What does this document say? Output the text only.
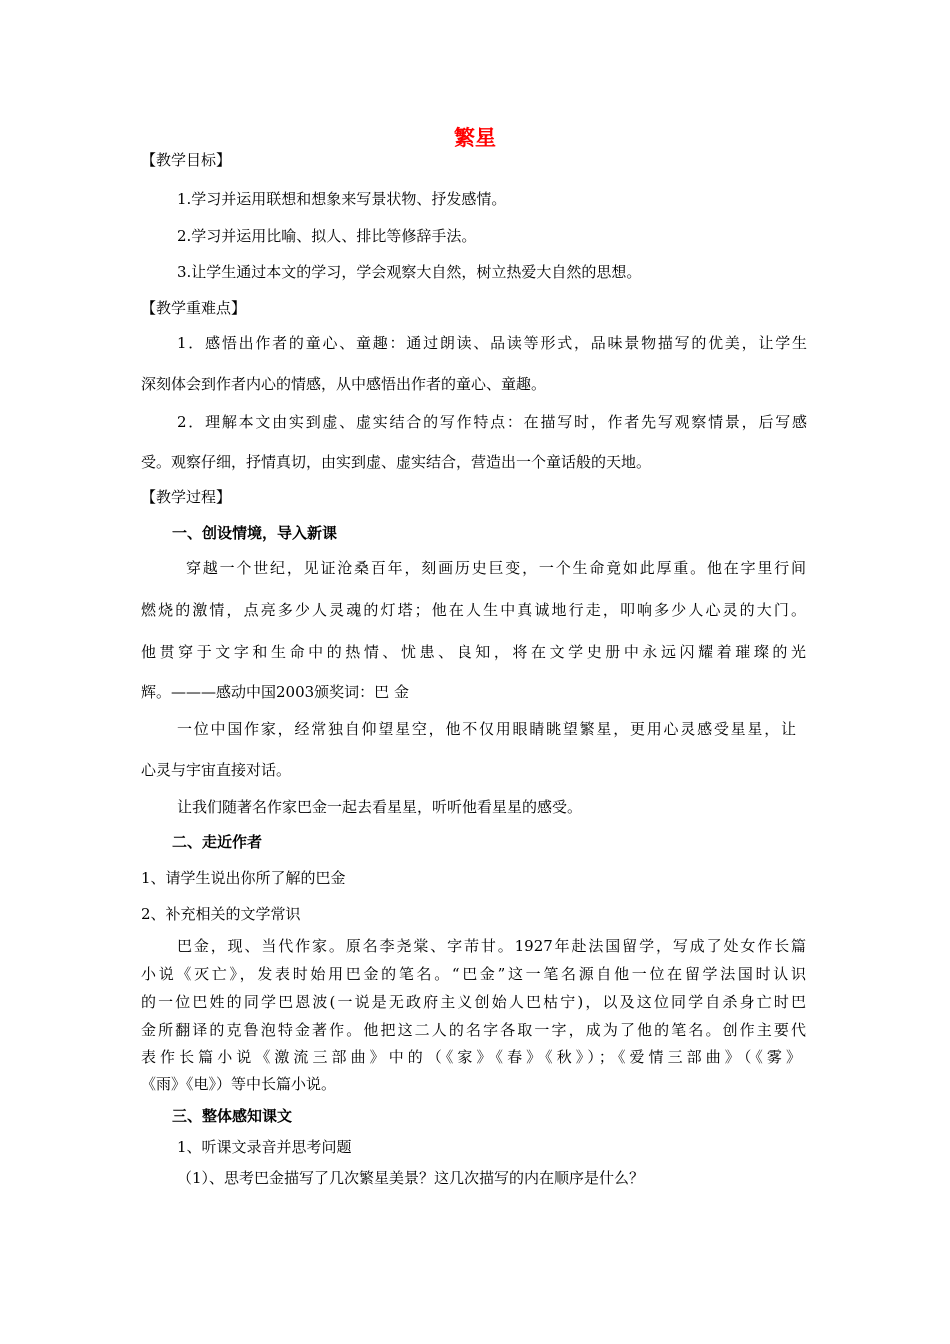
繁星
【教学目标】
1.学习并运用联想和想象来写景状物、抒发感情。
2.学习并运用比喻、拟人、排比等修辞手法。
3.让学生通过本文的学习，学会观察大自然，树立热爱大自然的思想。
【教学重难点】
1．感悟出作者的童心、童趣：通过朗读、品读等形式，品味景物描写的优美，让学生
深刻体会到作者内心的情感，从中感悟出作者的童心、童趣。
2．理解本文由实到虚、虚实结合的写作特点：在描写时，作者先写观察情景，后写感
受。观察仔细，抒情真切，由实到虚、虚实结合，营造出一个童话般的天地。
【教学过程】
一、创设情境，导入新课
穿越一个世纪，见证沧桑百年，刻画历史巨变，一个生命竟如此厚重。他在字里行间
燃烧的激情，点亮多少人灵魂的灯塔；他在人生中真诚地行走，叩响多少人心灵的大门。
他贯穿于文字和生命中的热情、忧患、良知，将在文学史册中永远闪耀着璀璨的光
辉。———感动中国2003颁奖词：巴 金
一位中国作家，经常独自仰望星空，他不仅用眼睛眺望繁星，更用心灵感受星星，让
心灵与宇宙直接对话。
让我们随著名作家巴金一起去看星星，听听他看星星的感受。
二、走近作者
1、请学生说出你所了解的巴金
2、补充相关的文学常识
巴金，现、当代作家。原名李尧棠、字芾甘。1927年赴法国留学，写成了处女作长篇
小说《灭亡》，发表时始用巴金的笔名。“巴金”这一笔名源自他一位在留学法国时认识
的一位巴姓的同学巴恩波(一说是无政府主义创始人巴枯宁)，以及这位同学自杀身亡时巴
金所翻译的克鲁泡特金著作。他把这二人的名字各取一字，成为了他的笔名。创作主要代
表作长篇小说《激流三部曲》中的（《家》《春》《秋》）；《爱情三部曲》（《雾》
《雨》《电》）等中长篇小说。
三、整体感知课文
1、听课文录音并思考问题
（1）、思考巴金描写了几次繁星美景？这几次描写的内在顺序是什么？
